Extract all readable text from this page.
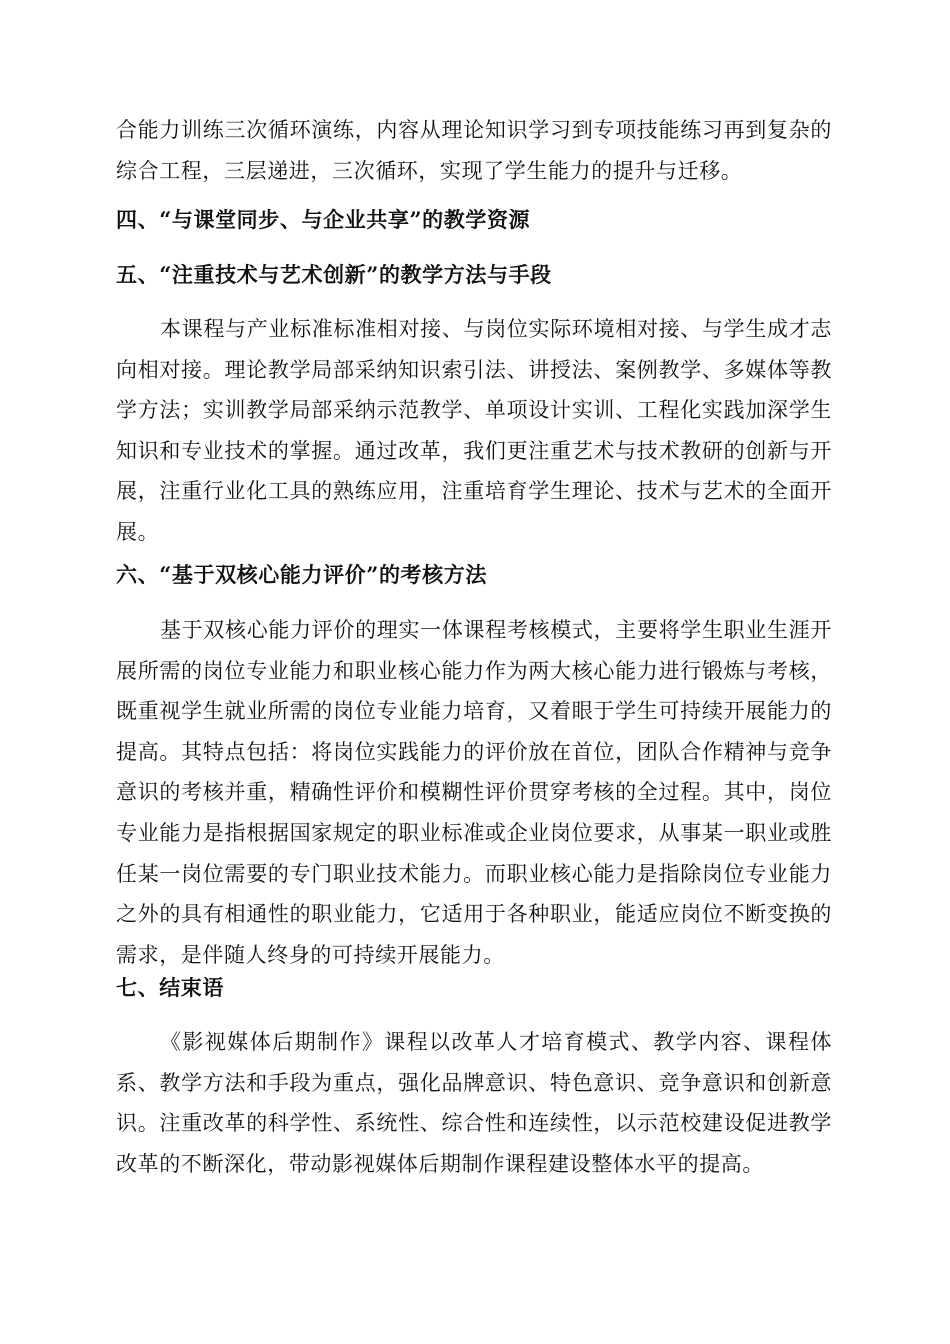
合能力训练三次循环演练，内容从理论知识学习到专项技能练习再到复杂的综合工程，三层递进，三次循环，实现了学生能力的提升与迁移。

四、“与课堂同步、与企业共享”的教学资源
五、“注重技术与艺术创新”的教学方法与手段

本课程与产业标准标准相对接、与岗位实际环境相对接、与学生成才志向相对接。理论教学局部采纳知识索引法、讲授法、案例教学、多媒体等教学方法；实训教学局部采纳示范教学、单项设计实训、工程化实践加深学生知识和专业技术的掌握。通过改革，我们更注重艺术与技术教研的创新与开展，注重行业化工具的熟练应用，注重培育学生理论、技术与艺术的全面开展。

六、“基于双核心能力评价”的考核方法

基于双核心能力评价的理实一体课程考核模式，主要将学生职业生涯开展所需的岗位专业能力和职业核心能力作为两大核心能力进行锻炼与考核，既重视学生就业所需的岗位专业能力培育，又着眼于学生可持续开展能力的提高。其特点包括：将岗位实践能力的评价放在首位，团队合作精神与竞争意识的考核并重，精确性评价和模糊性评价贯穿考核的全过程。其中，岗位专业能力是指根据国家规定的职业标准或企业岗位要求，从事某一职业或胜任某一岗位需要的专门职业技术能力。而职业核心能力是指除岗位专业能力之外的具有相通性的职业能力，它适用于各种职业，能适应岗位不断变换的需求，是伴随人终身的可持续开展能力。

七、结束语

《影视媒体后期制作》课程以改革人才培育模式、教学内容、课程体系、教学方法和手段为重点，强化品牌意识、特色意识、竞争意识和创新意识。注重改革的科学性、系统性、综合性和连续性，以示范校建设促进教学改革的不断深化，带动影视媒体后期制作课程建设整体水平的提高。
